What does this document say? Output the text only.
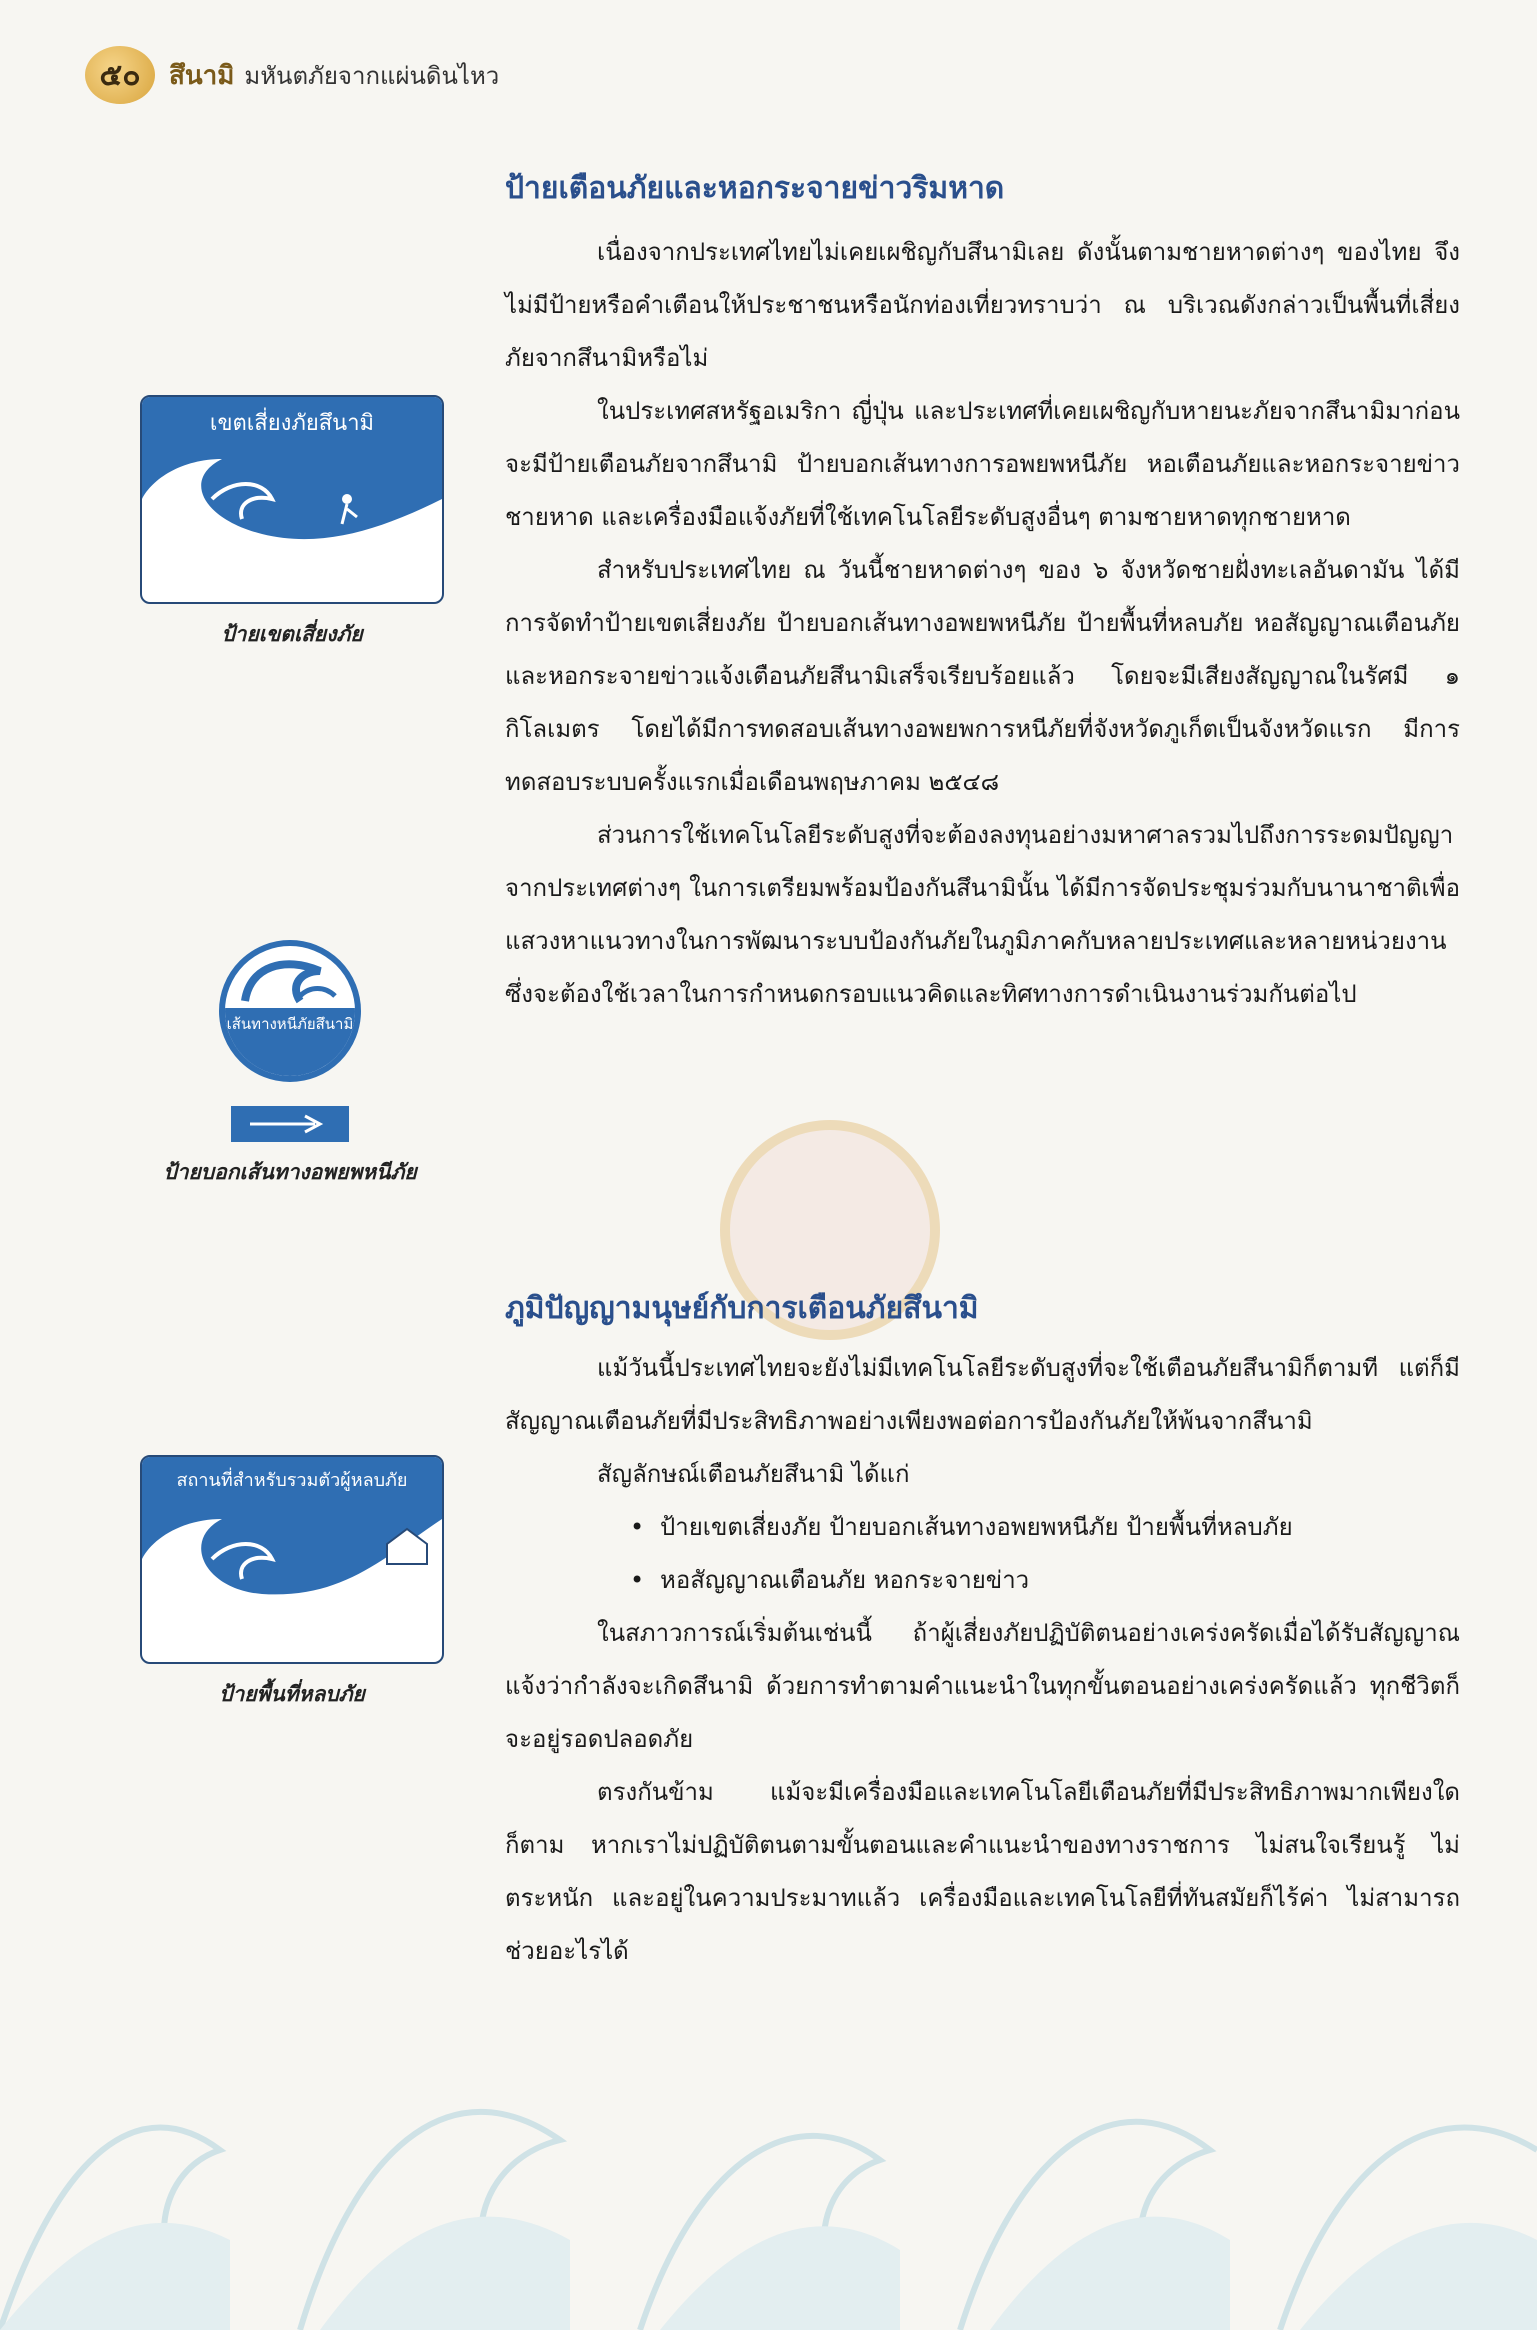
๕๐	สึนามิ มหันตภัยจากแผ่นดินไหว
เขตเสี่ยงภัยสึนามิ
ป้ายเขตเสี่ยงภัย
เส้นทางหนีภัยสึนามิ
ป้ายบอกเส้นทางอพยพหนีภัย
สถานที่สำหรับรวมตัวผู้หลบภัย
ป้ายพื้นที่หลบภัย
ป้ายเตือนภัยและหอกระจายข่าวริมหาด

เนื่องจากประเทศไทยไม่เคยเผชิญกับสึนามิเลย ดังนั้นตามชายหาดต่างๆ ของไทย จึงไม่มีป้ายหรือคำเตือนให้ประชาชนหรือนักท่องเที่ยวทราบว่า ณ บริเวณดังกล่าวเป็นพื้นที่เสี่ยงภัยจากสึนามิหรือไม่

ในประเทศสหรัฐอเมริกา ญี่ปุ่น และประเทศที่เคยเผชิญกับหายนะภัยจากสึนามิมาก่อน จะมีป้ายเตือนภัยจากสึนามิ ป้ายบอกเส้นทางการอพยพหนีภัย หอเตือนภัยและหอกระจายข่าวชายหาด และเครื่องมือแจ้งภัยที่ใช้เทคโนโลยีระดับสูงอื่นๆ ตามชายหาดทุกชายหาด

สำหรับประเทศไทย ณ วันนี้ชายหาดต่างๆ ของ ๖ จังหวัดชายฝั่งทะเลอันดามัน ได้มีการจัดทำป้ายเขตเสี่ยงภัย ป้ายบอกเส้นทางอพยพหนีภัย ป้ายพื้นที่หลบภัย หอสัญญาณเตือนภัย และหอกระจายข่าวแจ้งเตือนภัยสึนามิเสร็จเรียบร้อยแล้ว โดยจะมีเสียงสัญญาณในรัศมี ๑ กิโลเมตร โดยได้มีการทดสอบเส้นทางอพยพการหนีภัยที่จังหวัดภูเก็ตเป็นจังหวัดแรก มีการทดสอบระบบครั้งแรกเมื่อเดือนพฤษภาคม ๒๕๔๘

ส่วนการใช้เทคโนโลยีระดับสูงที่จะต้องลงทุนอย่างมหาศาลรวมไปถึงการระดมปัญญาจากประเทศต่างๆ ในการเตรียมพร้อมป้องกันสึนามินั้น ได้มีการจัดประชุมร่วมกับนานาชาติเพื่อแสวงหาแนวทางในการพัฒนาระบบป้องกันภัยในภูมิภาคกับหลายประเทศและหลายหน่วยงาน ซึ่งจะต้องใช้เวลาในการกำหนดกรอบแนวคิดและทิศทางการดำเนินงานร่วมกันต่อไป

ภูมิปัญญามนุษย์กับการเตือนภัยสึนามิ

แม้วันนี้ประเทศไทยจะยังไม่มีเทคโนโลยีระดับสูงที่จะใช้เตือนภัยสึนามิก็ตามที แต่ก็มีสัญญาณเตือนภัยที่มีประสิทธิภาพอย่างเพียงพอต่อการป้องกันภัยให้พ้นจากสึนามิ

สัญลักษณ์เตือนภัยสึนามิ ได้แก่

• ป้ายเขตเสี่ยงภัย ป้ายบอกเส้นทางอพยพหนีภัย ป้ายพื้นที่หลบภัย
• หอสัญญาณเตือนภัย หอกระจายข่าว

ในสภาวการณ์เริ่มต้นเช่นนี้ ถ้าผู้เสี่ยงภัยปฏิบัติตนอย่างเคร่งครัดเมื่อได้รับสัญญาณแจ้งว่ากำลังจะเกิดสึนามิ ด้วยการทำตามคำแนะนำในทุกขั้นตอนอย่างเคร่งครัดแล้ว ทุกชีวิตก็จะอยู่รอดปลอดภัย

ตรงกันข้าม แม้จะมีเครื่องมือและเทคโนโลยีเตือนภัยที่มีประสิทธิภาพมากเพียงใดก็ตาม หากเราไม่ปฏิบัติตนตามขั้นตอนและคำแนะนำของทางราชการ ไม่สนใจเรียนรู้ ไม่ตระหนัก และอยู่ในความประมาทแล้ว เครื่องมือและเทคโนโลยีที่ทันสมัยก็ไร้ค่า ไม่สามารถช่วยอะไรได้
